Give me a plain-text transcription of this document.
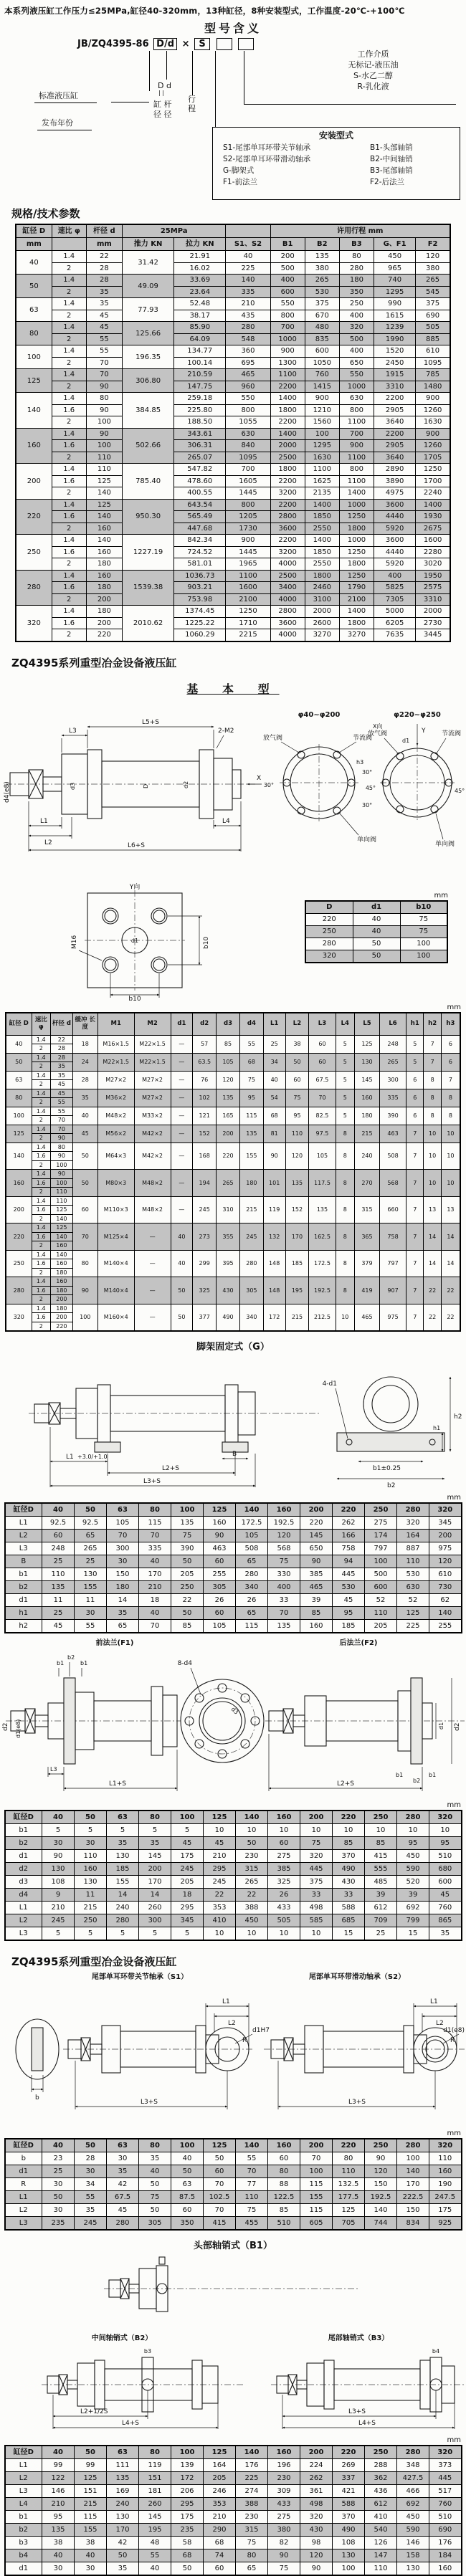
本系列液压缸工作压力≤25MPa,缸径40-320mm，13种缸径，8种安装型式，工作温度-20℃-+100℃
型号含义
JB/ZQ4395-86 D/d × S
标准液压缸
发布年份
D d
| |
缸 杆
径 径
行程
工作介质
无标记-液压油
S-水乙二醇
R-乳化液
安装型式
S1-尾部单耳环带关节轴承	B1-头部轴销
S2-尾部单耳环带滑动轴承	B2-中间轴销
G-脚架式	B3-尾部轴销
F1-前法兰	F2-后法兰
规格/技术参数
缸径 D	速比 φ	杆径 d	25MPa			许用行程 mm				
mm		mm	推力 KN	拉力 KN	S1、S2	B1	B2	B3	G、F1	F2
40	1.4	22	31.42	21.91	40	200	135	80	450	120
	2	28		16.02	225	500	380	280	965	380
50	1.4	28	49.09	33.69	140	400	265	180	740	265
	2	35		23.64	335	600	530	350	1295	545
63	1.4	35	77.93	52.48	210	550	375	250	990	375
	2	45		38.17	435	800	670	400	1615	690
80	1.4	45	125.66	85.90	280	700	480	320	1239	505
	2	55		64.09	548	1000	835	500	1990	885
100	1.4	55	196.35	134.77	360	900	600	400	1520	610
	2	70		100.14	695	1300	1050	650	2450	1095
125	1.4	70	306.80	210.59	465	1100	760	550	1915	785
	2	90		147.75	960	2200	1415	1000	3310	1480
140	1.4	80	384.85	259.18	550	1400	900	630	2200	900
	1.6	90		225.80	800	1800	1210	800	2905	1260
	2	100		188.50	1055	2200	1560	1100	3640	1630
160	1.4	90	502.66	343.61	630	1400	100	700	2200	900
	1.6	100		306.31	840	2000	1295	900	2905	1260
	2	110		265.07	1095	2500	1630	1100	3640	1705
200	1.4	110	785.40	547.82	700	1800	1100	800	2890	1250
	1.6	125		478.60	1605	2200	1625	1100	3890	1700
	2	140		400.55	1445	3200	2135	1400	4975	2240
220	1.4	125	950.30	643.54	800	2200	1400	1000	3600	1400
	1.6	140		565.49	1205	2800	1850	1250	4440	1930
	2	160		447.68	1730	3600	2550	1800	5920	2675
250	1.4	140	1227.19	842.34	900	2200	1400	1000	3600	1600
	1.6	160		724.52	1445	3200	1850	1250	4440	2280
	2	180		581.01	1965	4000	2550	1800	5920	3020
280	1.4	160	1539.38	1036.73	1100	2500	1800	1250	400	1950
	1.6	180		903.21	1600	3400	2460	1790	5825	2575
	2	200		753.98	2100	4000	3100	2100	7305	3310
320	1.4	180	2010.62	1374.45	1250	2800	2000	1400	5000	2000
	1.6	200		1225.22	1710	3600	2600	1800	6205	2730
	2	220		1060.29	2215	4000	3270	3270	7635	3445
ZQ4395系列重型冶金设备液压缸
基 本 型
L3
L5+S
2-M2
d4(e8)	d3	D	d2
L1
L2	L6+S
L4
X
φ40~φ200
X向
放气阀	节流阀
单向阀
30°
30°
30°
h3
φ220~φ250
Y
d1
放气阀	节流阀
45°	45°
单向阀
Y向
d1
M16	b10
b10
mm
D	d1	b10
220	40	75
250	40	75
280	50	100
320	50	100
mm
缸径 D	速比 φ	杆径 d	缓冲 长度	M1	M2	d1	d2	d3	d4	L1	L2	L3	L4	L5	L6	h1	h2	h3
40	1.4	22	18	M16×1.5	M22×1.5	—	57	85	55	25	38	60	5	125	248	5	7	6
	2	28																
50	1.4	28	24	M22×1.5	M22×1.5	—	63.5	105	68	34	50	60	5	130	265	5	7	6
	2	35																
63	1.4	35	28	M27×2	M27×2	—	76	120	75	40	60	67.5	5	145	300	6	8	7
	2	45																
80	1.4	45	35	M36×2	M27×2	—	102	135	95	54	75	70	5	160	335	6	8	8
	2	55																
100	1.4	55	40	M48×2	M33×2	—	121	165	115	68	95	82.5	5	180	390	6	8	8
	2	70																
125	1.4	70	45	M56×2	M42×2	—	152	200	135	81	110	97.5	8	215	463	7	10	10
	2	90																
140	1.4	80	50	M64×3	M42×2	—	168	220	155	90	120	105	8	240	508	7	10	10
	1.6	90																
	2	100																
160	1.4	90	50	M80×3	M48×2	—	194	265	180	101	135	117.5	8	270	568	7	10	10
	1.6	100																
	2	110																
200	1.4	110	60	M110×3	M48×2	—	245	310	215	119	152	135	8	315	660	7	13	13
	1.6	125																
	2	140																
220	1.4	125	70	M125×4	—	40	273	355	245	132	170	162.5	8	365	758	7	14	14
	1.6	140																
	2	160																
250	1.4	140	80	M140×4	—	40	299	395	280	148	185	172.5	8	379	797	7	14	14
	1.6	160																
	2	180																
280	1.4	160	90	M140×4	—	50	325	430	305	148	195	192.5	8	419	907	7	22	22
	1.6	180																
	2	200																
320	1.4	180	100	M160×4	—	50	377	490	340	172	215	212.5	10	465	975	7	22	22
	1.6	200																
	2	220																
脚架固定式（G）
L1 +3.0/+1.0
L2+S
L3+S
B
4-d1
h2
h1
b1±0.25
b2
mm
缸径D	40	50	63	80	100	125	140	160	200	220	250	280	320
L1	92.5	92.5	105	115	135	160	172.5	192.5	220	262	275	320	345
L2	60	65	70	70	75	90	105	120	145	166	174	164	200
L3	248	265	300	335	390	463	508	568	650	758	797	887	975
B	25	25	30	40	50	60	65	75	90	94	100	110	120
b1	110	130	150	170	205	255	280	330	385	445	500	530	610
b2	135	155	180	210	250	305	340	400	465	530	600	630	730
d1	11	11	14	18	22	26	26	33	39	45	52	52	62
h1	25	30	35	40	50	60	65	70	85	95	110	125	140
h2	45	55	65	70	85	105	115	135	160	185	205	225	255
前法兰(F1)	后法兰(F2)
b1
b2
b1
d2 d1(e8)
L3
L1+S
8-d4
d3
d1 d2
b1
b2
b1
L2+S
mm
缸径D	40	50	63	80	100	125	140	160	200	220	250	280	320
b1	5	5	5	5	5	10	10	10	10	10	10	10	10
b2	30	30	35	35	45	45	50	60	75	85	85	95	95
d1	90	110	130	145	175	210	230	275	320	370	415	450	510
d2	130	160	185	200	245	295	315	385	445	490	555	590	680
d3	108	130	155	170	205	245	265	325	375	430	485	520	600
d4	9	11	14	14	18	22	22	26	33	33	39	39	45
L1	210	215	240	260	295	353	388	433	498	588	612	692	760
L2	245	250	280	300	345	410	450	505	585	685	709	799	865
L3	5	5	5	5	5	10	10	10	10	15	25	15	35
ZQ4395系列重型冶金设备液压缸
尾部单耳环带关节轴承（S1）	尾部单耳环带滑动轴承（S2）
b
L1
L2
d1H7
R
L3+S
L1
L2
d1(e8)
R
L3+S
mm
缸径D	40	50	63	80	100	125	140	160	200	220	250	280	320
b	23	28	30	35	40	50	55	60	70	80	90	100	110
d1	25	30	35	40	50	60	70	80	100	110	120	140	160
R	30	34	42	50	63	70	77	88	115	132.5	150	170	190
L1	50	55	67.5	75	87.5	102.5	110	122.5	155	177.5	192.5	222.5	247.5
L2	30	35	45	50	60	70	75	85	115	125	140	150	175
L3	235	245	280	305	350	415	455	510	605	705	744	834	925
头部轴销式（B1）
中间轴销式（B2）	尾部轴销式（B3）
b3
L2+1/2S
L4+S
b4
L3+S
L4+S
mm
缸径D	40	50	63	80	100	125	140	160	200	220	250	280	320
L1	99	99	111	119	139	164	176	196	224	269	288	348	373
L2	122	125	135	151	172	205	225	230	262	337	362	427.5	445
L3	146	151	169	181	206	246	274	309	361	421	436	466	517
L4	210	215	240	260	295	353	388	433	498	588	612	692	760
b1	95	115	130	145	175	210	230	275	320	370	410	450	510
b2	135	155	170	195	235	290	315	380	430	490	540	590	690
b3	38	38	42	48	58	68	75	82	98	108	126	146	176
b4	40	40	50	55	68	74	80	90	120	130	147	158	184
d1	30	30	35	40	50	60	65	75	90	100	110	130	160
